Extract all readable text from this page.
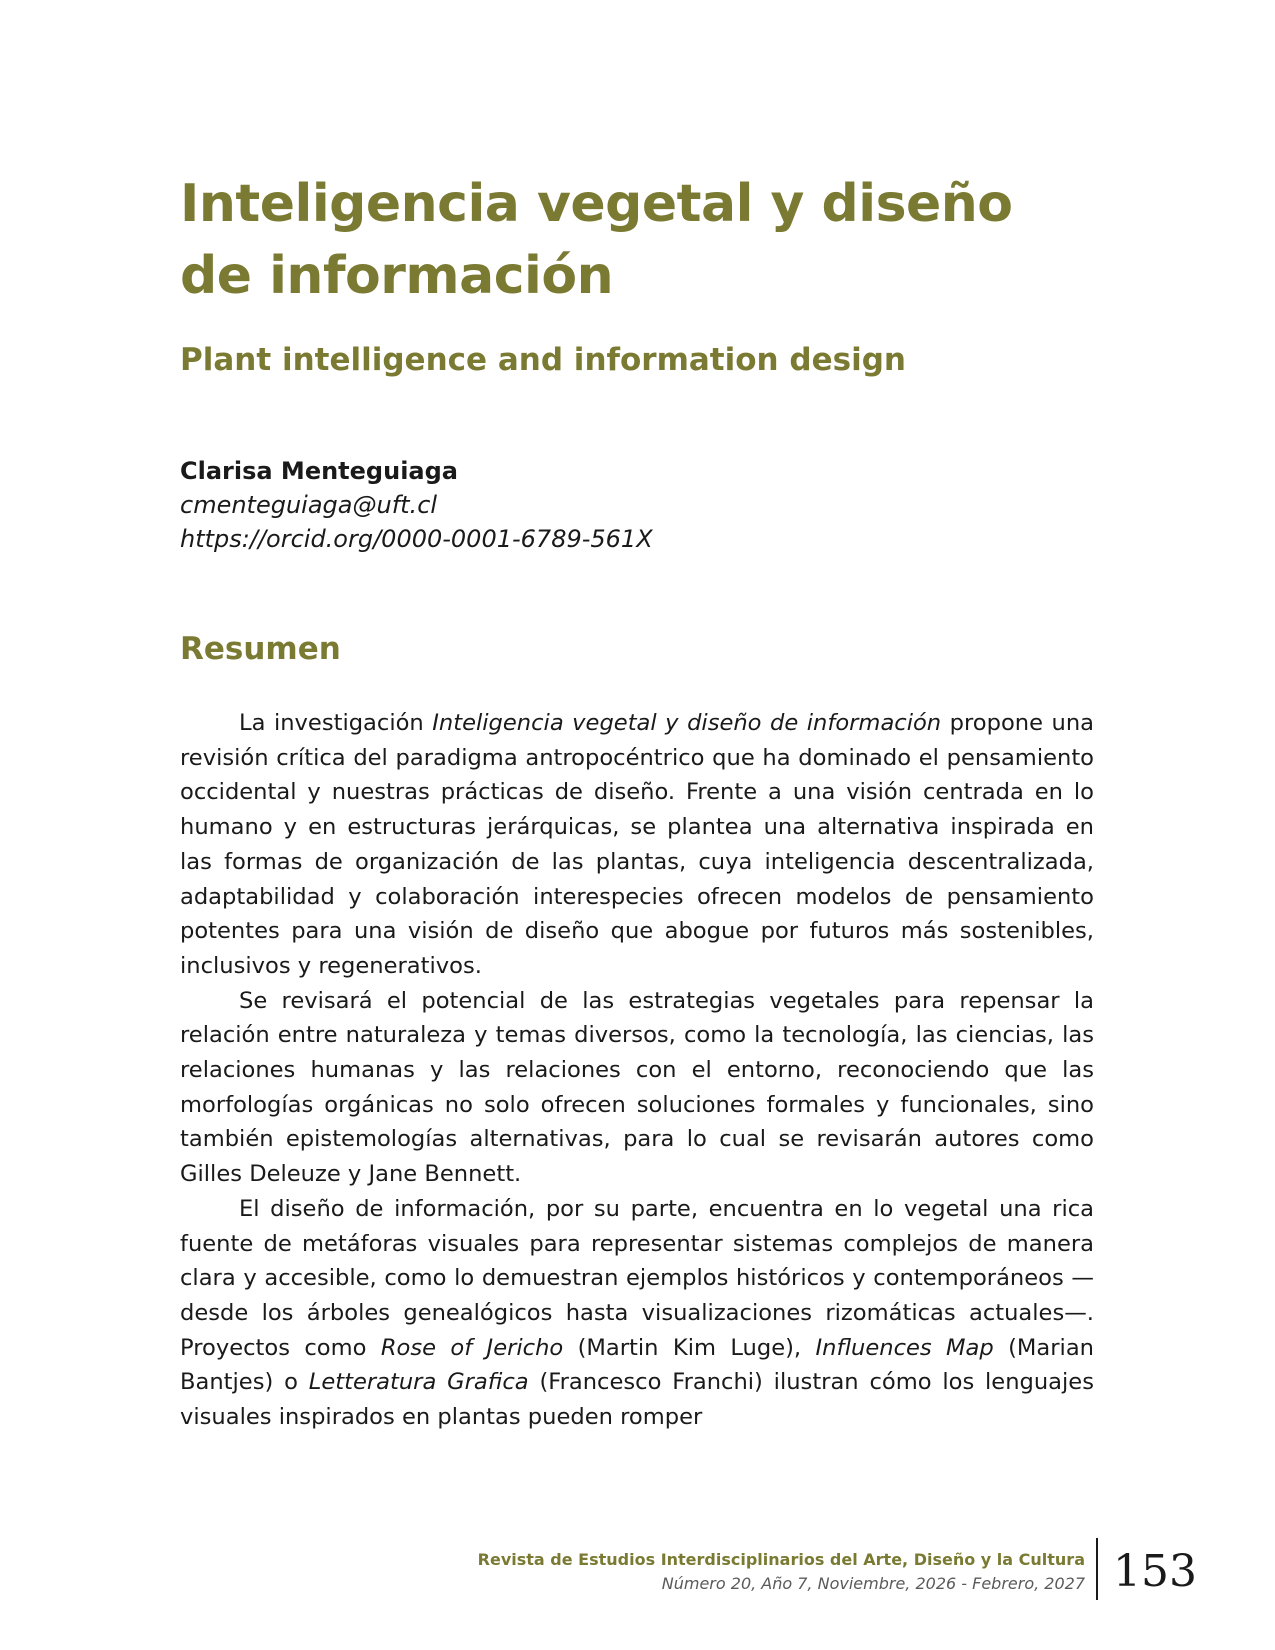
Inteligencia vegetal y diseño de información
Plant intelligence and information design
Clarisa Menteguiaga
cmenteguiaga@uft.cl
https://orcid.org/0000-0001-6789-561X
Resumen

La investigación Inteligencia vegetal y diseño de información propone una revisión crítica del paradigma antropocéntrico que ha dominado el pensamiento occidental y nuestras prácticas de diseño. Frente a una visión centrada en lo humano y en estructuras jerárquicas, se plantea una alternativa inspirada en las formas de organización de las plantas, cuya inteligencia descentralizada, adaptabilidad y colaboración interespecies ofrecen modelos de pensamiento potentes para una visión de diseño que abogue por futuros más sostenibles, inclusivos y regenerativos.

Se revisará el potencial de las estrategias vegetales para repensar la relación entre naturaleza y temas diversos, como la tecnología, las ciencias, las relaciones humanas y las relaciones con el entorno, reconociendo que las morfologías orgánicas no solo ofrecen soluciones formales y funcionales, sino también epistemologías alternativas, para lo cual se revisarán autores como Gilles Deleuze y Jane Bennett.

El diseño de información, por su parte, encuentra en lo vegetal una rica fuente de metáforas visuales para representar sistemas complejos de manera clara y accesible, como lo demuestran ejemplos históricos y contemporáneos —desde los árboles genealógicos hasta visualizaciones rizomáticas actuales—. Proyectos como Rose of Jericho (Martin Kim Luge), Influences Map (Marian Bantjes) o Letteratura Grafica (Francesco Franchi) ilustran cómo los lenguajes visuales inspirados en plantas pueden romper

Revista de Estudios Interdisciplinarios del Arte, Diseño y la Cultura
Número 20, Año 7, Noviembre, 2026 - Febrero, 2027 153
